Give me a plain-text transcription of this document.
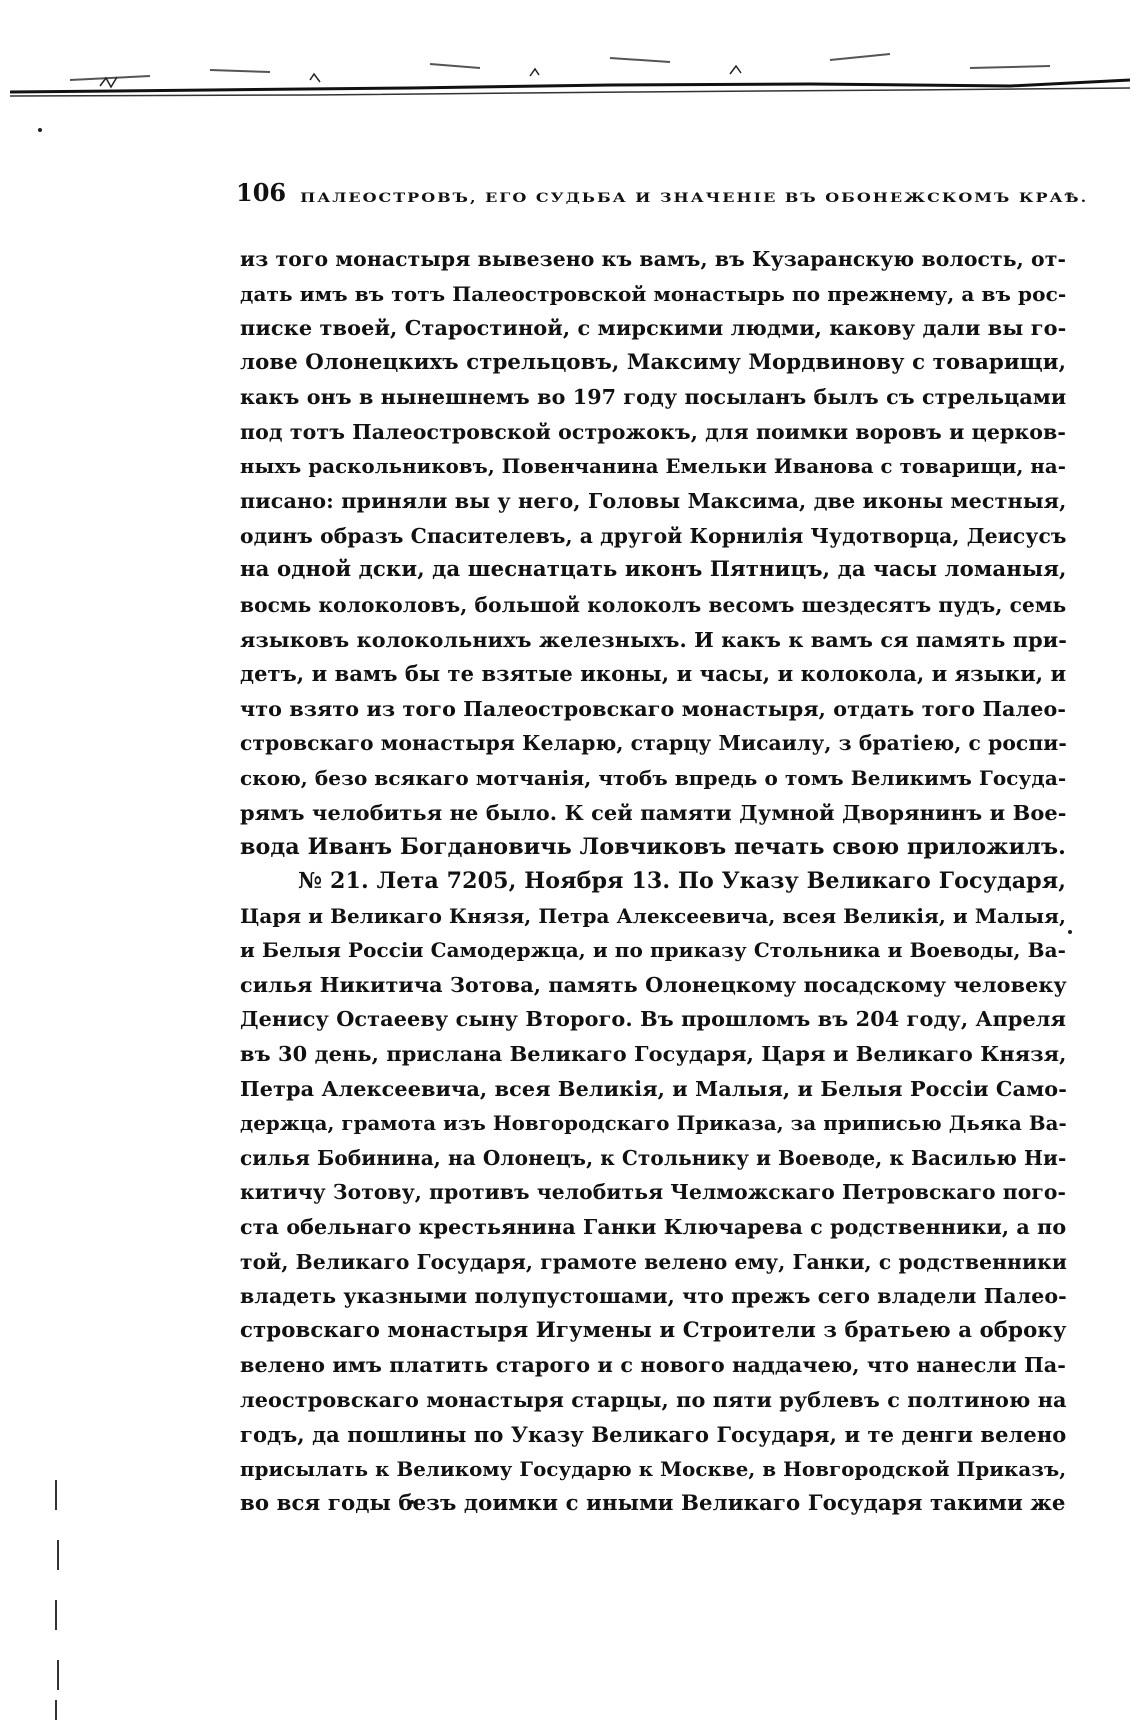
106 ПАЛЕОСТРОВЪ, ЕГО СУДЬБА И ЗНАЧЕНІЕ ВЪ ОБОНЕЖСКОМЪ КРАѢ.
из того монастыря вывезено къ вамъ, въ Кузаранскую волость, от-
дать имъ въ тотъ Палеостровской монастырь по прежнему, а въ рос-
писке твоей, Старостиной, с мирскими людми, какову дали вы го-
лове Олонецкихъ стрельцовъ, Максиму Мордвинову с товарищи,
какъ онъ в нынешнемъ во 197 году посыланъ былъ съ стрельцами
под тотъ Палеостровской острожокъ, для поимки воровъ и церков-
ныхъ раскольниковъ, Повенчанина Емельки Иванова с товарищи, на-
писано: приняли вы у него, Головы Максима, две иконы местныя,
одинъ образъ Спасителевъ, а другой Корнилія Чудотворца, Деисусъ
на одной дски, да шеснатцать иконъ Пятницъ, да часы ломаныя,
восмь колоколовъ, большой колоколъ весомъ шездесятъ пудъ, семь
языковъ колокольнихъ железныхъ. И какъ к вамъ ся память при-
детъ, и вамъ бы те взятые иконы, и часы, и колокола, и языки, и
что взято из того Палеостровскаго монастыря, отдать того Палео-
стровскаго монастыря Келарю, старцу Мисаилу, з братіею, с роспи-
скою, безо всякаго мотчанія, чтобъ впредь о томъ Великимъ Госуда-
рямъ челобитья не было. К сей памяти Думной Дворянинъ и Вое-
вода Иванъ Богдановичь Ловчиковъ печать свою приложилъ.
№ 21. Лета 7205, Ноября 13. По Указу Великаго Государя,
Царя и Великаго Князя, Петра Алексеевича, всея Великія, и Малыя,
и Белыя Россіи Самодержца, и по приказу Стольника и Воеводы, Ва-
силья Никитича Зотова, память Олонецкому посадскому человеку
Денису Остаееву сыну Второго. Въ прошломъ въ 204 году, Апреля
въ 30 день, прислана Великаго Государя, Царя и Великаго Князя,
Петра Алексеевича, всея Великія, и Малыя, и Белыя Россіи Само-
держца, грамота изъ Новгородскаго Приказа, за приписью Дьяка Ва-
силья Бобинина, на Олонецъ, к Стольнику и Воеводе, к Василью Ни-
китичу Зотову, противъ челобитья Челможскаго Петровскаго пого-
ста обельнаго крестьянина Ганки Ключарева с родственники, а по
той, Великаго Государя, грамоте велено ему, Ганки, с родственники
владеть указными полупустошами, что прежъ сего владели Палео-
стровскаго монастыря Игумены и Строители з братьею а оброку
велено имъ платить старого и с нового наддачею, что нанесли Па-
леостровскаго монастыря старцы, по пяти рублевъ с полтиною на
годъ, да пошлины по Указу Великаго Государя, и те денги велено
присылать к Великому Государю к Москве, в Новгородской Приказъ,
во вся годы безъ доимки с иными Великаго Государя такими же
